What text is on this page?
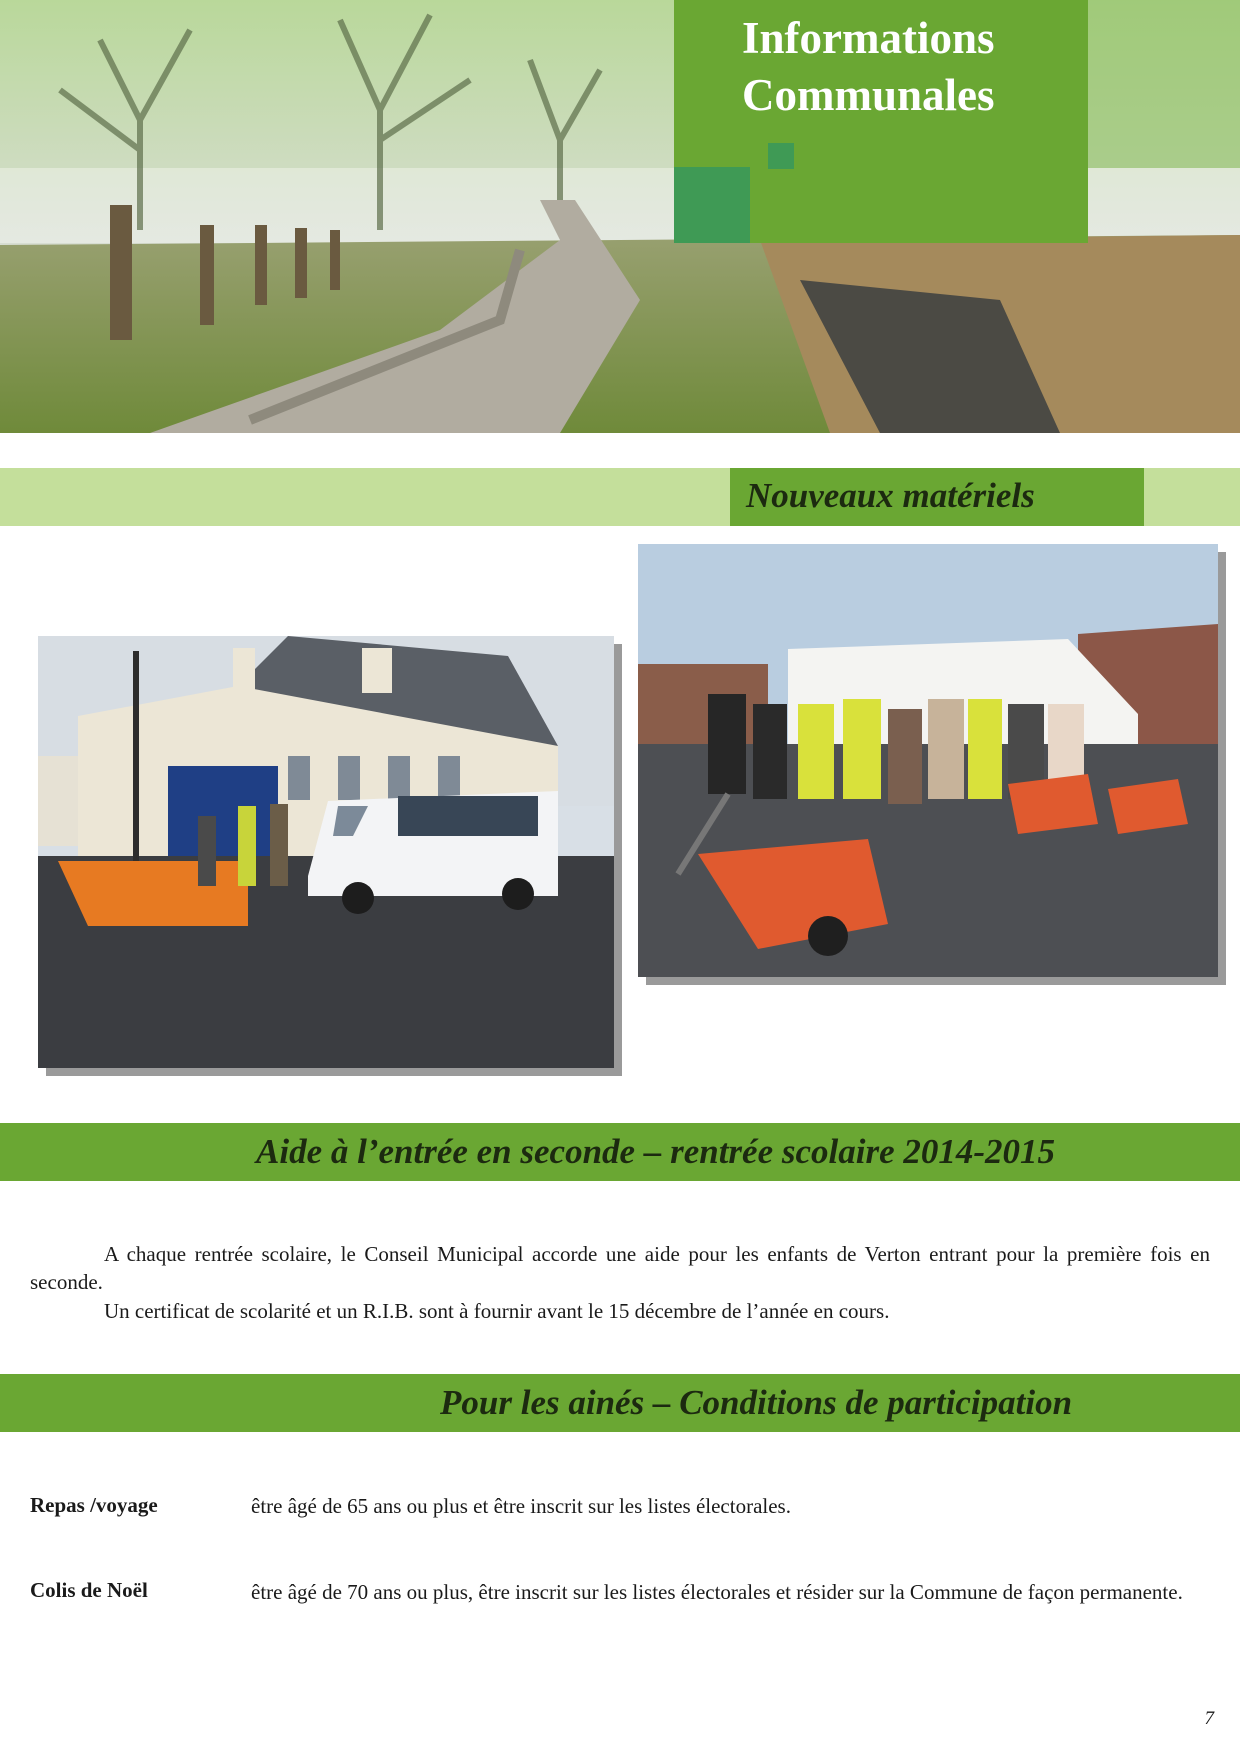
Informations
Communales
Nouveaux matériels
Aide à l’entrée en seconde – rentrée scolaire 2014-2015
A chaque rentrée scolaire, le Conseil Municipal accorde une aide pour les enfants de Verton entrant pour la première fois en seconde.
Un certificat de scolarité et un R.I.B. sont à fournir avant le 15 décembre de l’année en cours.
Pour les ainés – Conditions de participation
Repas /voyage	être âgé de 65 ans ou plus et être inscrit sur les listes électorales.
Colis de Noël	être âgé de 70 ans ou plus, être inscrit sur les listes électorales et résider sur la Commune de façon permanente.
7
